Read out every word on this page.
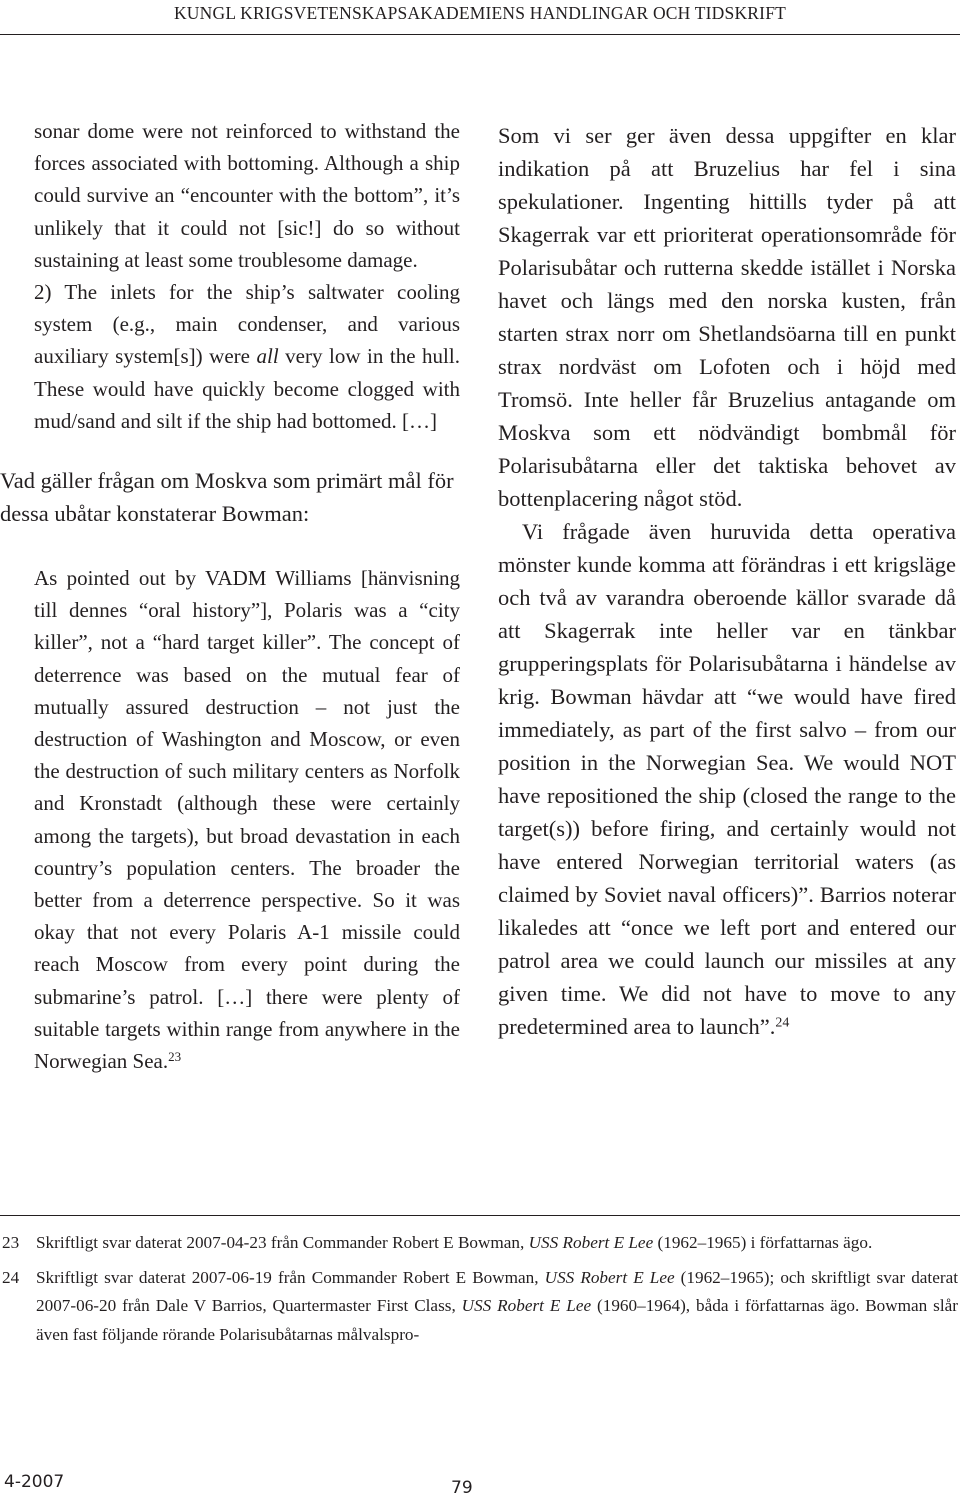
KUNGL KRIGSVETENSKAPSAKADEMIENS HANDLINGAR OCH TIDSKRIFT

sonar dome were not reinforced to withstand the forces associated with bottoming. Although a ship could survive an “encounter with the bottom”, it’s unlikely that it could not [sic!] do so without sustaining at least some troublesome damage.

2) The inlets for the ship’s saltwater cooling system (e.g., main condenser, and various auxiliary system[s]) were all very low in the hull. These would have quickly become clogged with mud/sand and silt if the ship had bottomed. […]

Vad gäller frågan om Moskva som primärt mål för dessa ubåtar konstaterar Bowman:

As pointed out by VADM Williams [hänvisning till dennes “oral history”], Polaris was a “city killer”, not a “hard target killer”. The concept of deterrence was based on the mutual fear of mutually assured destruction – not just the destruction of Washington and Moscow, or even the destruction of such military centers as Norfolk and Kronstadt (although these were certainly among the targets), but broad devastation in each country’s population centers. The broader the better from a deterrence perspective. So it was okay that not every Polaris A-1 missile could reach Moscow from every point during the submarine’s patrol. […] there were plenty of suitable targets within range from anywhere in the Norwegian Sea.$^{23}$

Som vi ser ger även dessa uppgifter en klar indikation på att Bruzelius har fel i sina spekulationer. Ingenting hittills tyder på att Skagerrak var ett prioriterat operationsområde för Polarisubåtar och rutterna skedde istället i Norska havet och längs med den norska kusten, från starten strax norr om Shetlandsöarna till en punkt strax nordväst om Lofoten och i höjd med Tromsö. Inte heller får Bruzelius antagande om Moskva som ett nödvändigt bombmål för Polarisubåtarna eller det taktiska behovet av bottenplacering något stöd.

Vi frågade även huruvida detta operativa mönster kunde komma att förändras i ett krigsläge och två av varandra oberoende källor svarade då att Skagerrak inte heller var en tänkbar grupperingsplats för Polarisubåtarna i händelse av krig. Bowman hävdar att “we would have fired immediately, as part of the first salvo – from our position in the Norwegian Sea. We would NOT have repositioned the ship (closed the range to the target(s)) before firing, and certainly would not have entered Norwegian territorial waters (as claimed by Soviet naval officers)”. Barrios noterar likaledes att “once we left port and entered our patrol area we could launch our missiles at any given time. We did not have to move to any predetermined area to launch”.$^{24}$

23 Skriftligt svar daterat 2007-04-23 från Commander Robert E Bowman, USS Robert E Lee (1962–1965) i författarnas ägo.
24 Skriftligt svar daterat 2007-06-19 från Commander Robert E Bowman, USS Robert E Lee (1962–1965); och skriftligt svar daterat 2007-06-20 från Dale V Barrios, Quartermaster First Class, USS Robert E Lee (1960–1964), båda i författarnas ägo. Bowman slår även fast följande rörande Polarisubåtarnas målvalspro-
4-2007	79
